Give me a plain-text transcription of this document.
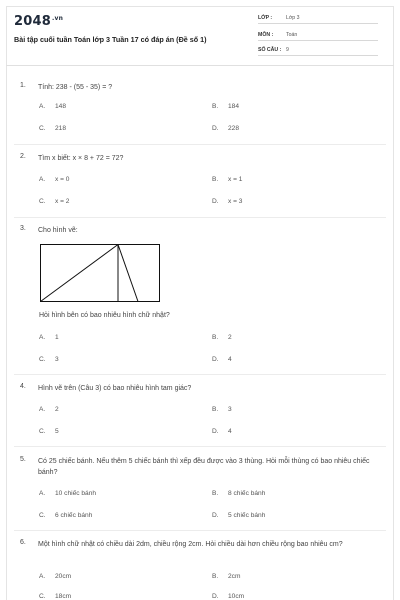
$2048^{.vn}$
Bài tập cuối tuần Toán lớp 3 Tuần 17 có đáp án (Đề số 1)
LỚP :	Lớp 3
MÔN : Toán
SỐ CÂU : 9
1. Tính: 238 - (55 - 35) = ?
A. 148	B. 184
C. 218	D. 228
2. Tìm x biết: x × 8 + 72 = 72?
A. x = 0	B. x = 1
C. x = 2	D. x = 3
3. Cho hình vẽ:
Hỏi hình bên có bao nhiêu hình chữ nhật?
A. 1	B. 2
C. 3	D. 4
4. Hình vẽ trên (Câu 3) có bao nhiêu hình tam giác?
A. 2	B. 3
C. 5	D. 4
5. Có 25 chiếc bánh. Nếu thêm 5 chiếc bánh thì xếp đều được vào 3 thùng. Hỏi mỗi thùng có bao nhiêu chiếc bánh?
A. 10 chiếc bánh	B. 8 chiếc bánh
C. 6 chiếc bánh	D. 5 chiếc bánh
6. Một hình chữ nhật có chiều dài 2dm, chiều rộng 2cm. Hỏi chiều dài hơn chiều rộng bao nhiêu cm?
A. 20cm	B. 2cm
C. 18cm	D. 10cm
